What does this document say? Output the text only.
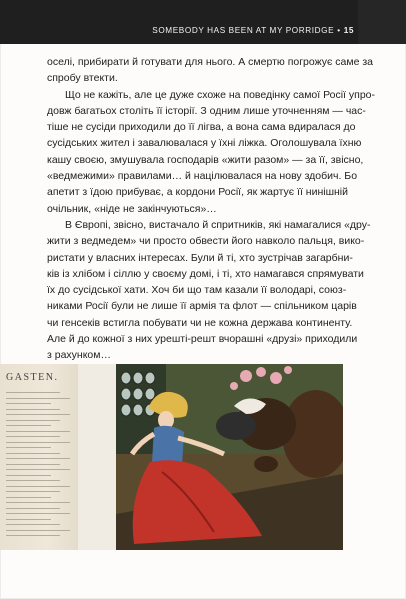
SOMEBODY HAS BEEN AT MY PORRIDGE • 15
оселі, прибирати й готувати для нього. А смертю погрожує саме за
спробу втекти.
Що не кажіть, але це дуже схоже на поведінку самої Росії упро-
довж багатьох століть її історії. З одним лише уточненням — час-
тіше не сусіди приходили до її лігва, а вона сама вдиралася до
сусідських жител і завалювалася у їхні ліжка. Оголошувала їхню
кашу своєю, змушувала господарів «жити разом» — за її, звісно,
«ведмежими» правилами… й націлювалася на нову здобич. Бо
апетит з їдою прибуває, а кордони Росії, як жартує її нинішній
очільник, «ніде не закінчуються»…
В Європі, звісно, вистачало й спритників, які намагалися «дру-
жити з ведмедем» чи просто обвести його навколо пальця, вико-
ристати у власних інтересах. Були й ті, хто зустрічав загарбни-
ків із хлібом і сіллю у своєму домі, і ті, хто намагався спрямувати
їх до сусідської хати. Хоч би що там казали її володарі, союз-
никами Росії були не лише її армія та флот — спільником царів
чи генсеків встигла побувати чи не кожна держава континенту.
Але й до кожної з них урешті-решт вчорашні «друзі» приходили
з рахунком…
GASTEN.
